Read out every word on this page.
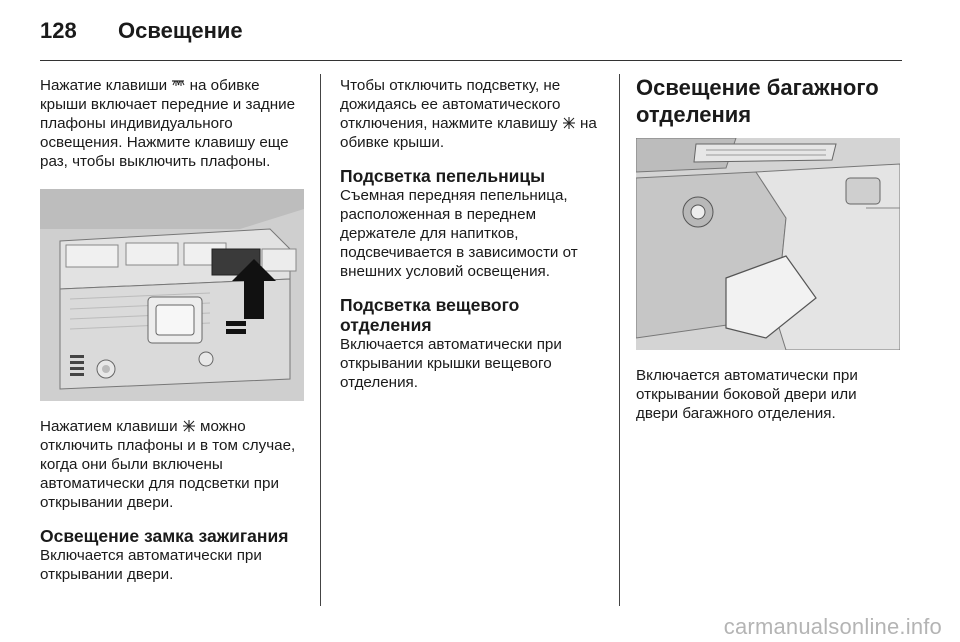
128 Освещение

Нажатие клавиши на обивке крыши включает передние и задние плафоны индивидуального освещения. Нажмите клавишу еще раз, чтобы выключить плафоны.

Нажатием клавиши можно отключить плафоны и в том случае, когда они были включены автоматически для подсветки при открывании двери.

Освещение замка зажигания

Включается автоматически при открывании двери.

Чтобы отключить подсветку, не дожидаясь ее автоматического отключения, нажмите клавишу на обивке крыши.

Подсветка пепельницы

Съемная передняя пепельница, расположенная в переднем держателе для напитков, подсвечивается в зависимости от внешних условий освещения.

Подсветка вещевого отделения

Включается автоматически при открывании крышки вещевого отделения.

Освещение багажного отделения

Включается автоматически при открывании боковой двери или двери багажного отделения.

carmanualsonline.info
